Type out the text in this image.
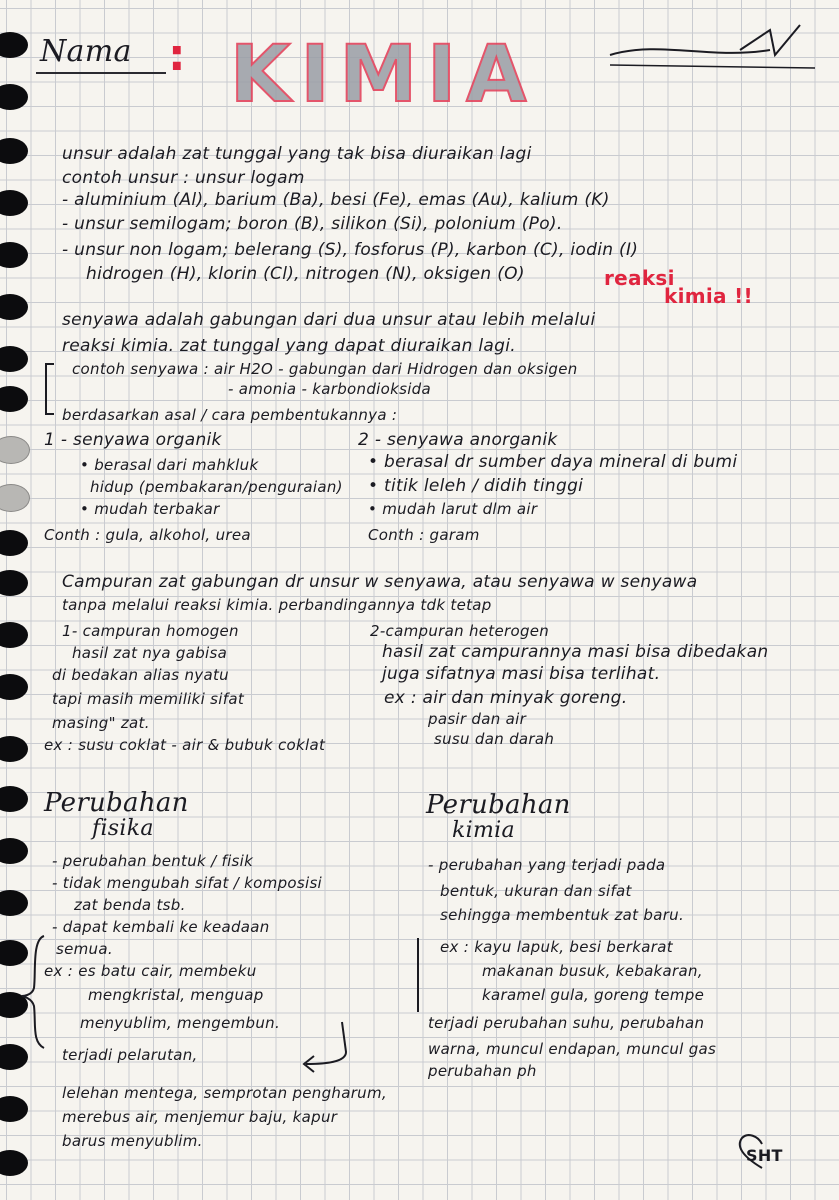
Nama : KIMIA
unsur adalah zat tunggal yang tak bisa diuraikan lagi
contoh unsur : unsur logam
- aluminium (Al), barium (Ba), besi (Fe), emas (Au), kalium (K)
- unsur semilogam; boron (B), silikon (Si), polonium (Po).
- unsur non logam; belerang (S), fosforus (P), karbon (C), iodin (I)
hidrogen (H), klorin (Cl), nitrogen (N), oksigen (O)	reaksi
kimia !!
senyawa adalah gabungan dari dua unsur atau lebih melalui
reaksi kimia. zat tunggal yang dapat diuraikan lagi.
contoh senyawa : air H2O - gabungan dari Hidrogen dan oksigen
- amonia - karbondioksida
berdasarkan asal / cara pembentukannya :
1 - senyawa organik
• berasal dari mahkluk
hidup (pembakaran/penguraian)
• mudah terbakar
Conth : gula, alkohol, urea
2 - senyawa anorganik
• berasal dr sumber daya mineral di bumi
• titik leleh / didih tinggi
• mudah larut dlm air
Conth : garam
Campuran zat gabungan dr unsur w senyawa, atau senyawa w senyawa
tanpa melalui reaksi kimia. perbandingannya tdk tetap
1- campuran homogen
hasil zat nya gabisa
di bedakan alias nyatu
tapi masih memiliki sifat
masing" zat.
ex : susu coklat - air & bubuk coklat
2-campuran heterogen
hasil zat campurannya masi bisa dibedakan
juga sifatnya masi bisa terlihat.
ex : air dan minyak goreng.
pasir dan air
susu dan darah
Perubahan
fisika
- perubahan bentuk / fisik
- tidak mengubah sifat / komposisi
zat benda tsb.
- dapat kembali ke keadaan
semua.
ex : es batu cair, membeku
mengkristal, menguap
menyublim, mengembun.
terjadi pelarutan,
lelehan mentega, semprotan pengharum,
merebus air, menjemur baju, kapur
barus menyublim.
Perubahan
kimia
- perubahan yang terjadi pada
bentuk, ukuran dan sifat
sehingga membentuk zat baru.
ex : kayu lapuk, besi berkarat
makanan busuk, kebakaran,
karamel gula, goreng tempe
terjadi perubahan suhu, perubahan
warna, muncul endapan, muncul gas
perubahan ph
SHT
